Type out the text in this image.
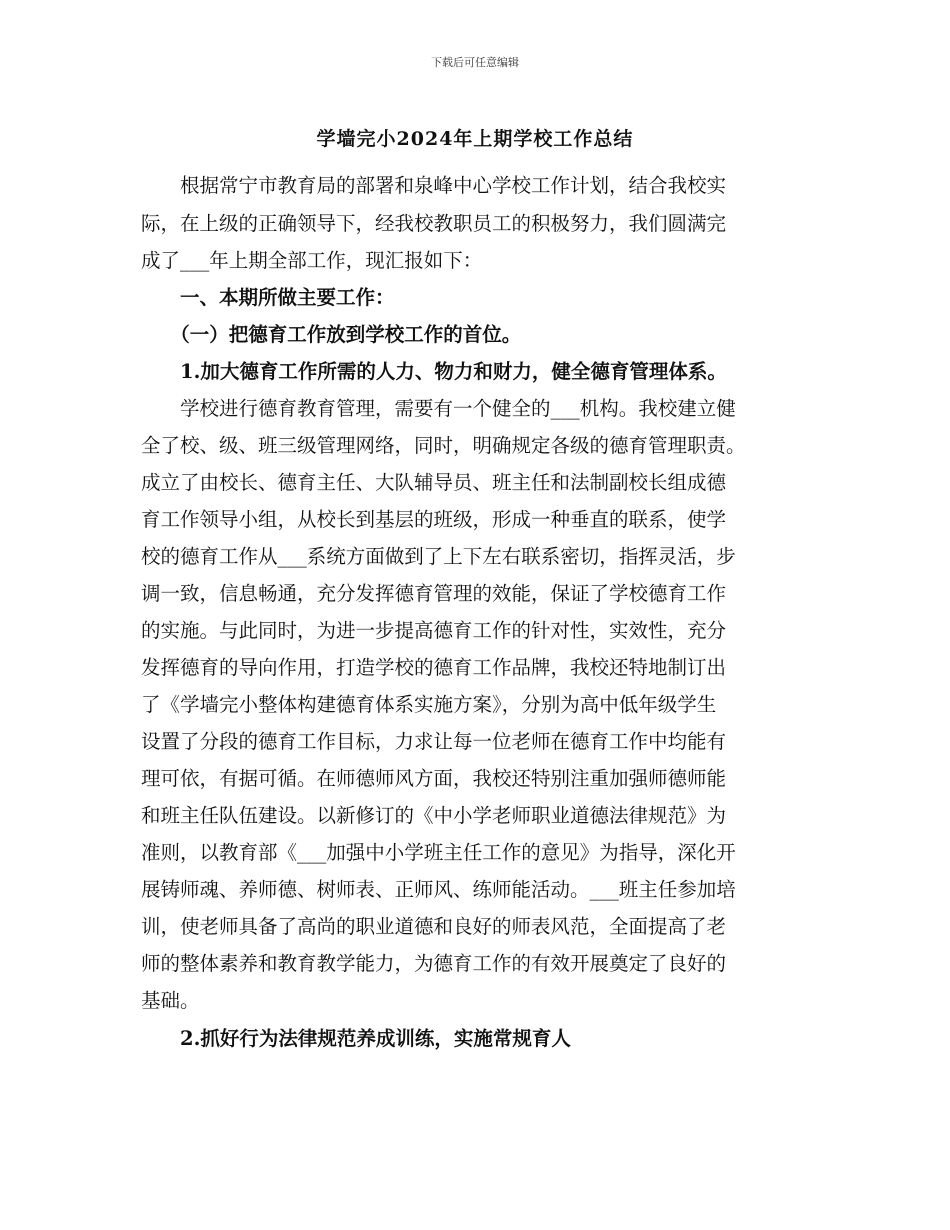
下载后可任意编辑
学墙完小2024年上期学校工作总结
　　根据常宁市教育局的部署和泉峰中心学校工作计划，结合我校实
际，在上级的正确领导下，经我校教职员工的积极努力，我们圆满完
成了___年上期全部工作，现汇报如下：
　　一、本期所做主要工作：
　　（一）把德育工作放到学校工作的首位。
　　1.加大德育工作所需的人力、物力和财力，健全德育管理体系。
　　学校进行德育教育管理，需要有一个健全的___机构。我校建立健
全了校、级、班三级管理网络，同时，明确规定各级的德育管理职责。
成立了由校长、德育主任、大队辅导员、班主任和法制副校长组成德
育工作领导小组，从校长到基层的班级，形成一种垂直的联系，使学
校的德育工作从___系统方面做到了上下左右联系密切，指挥灵活，步
调一致，信息畅通，充分发挥德育管理的效能，保证了学校德育工作
的实施。与此同时，为进一步提高德育工作的针对性，实效性，充分
发挥德育的导向作用，打造学校的德育工作品牌，我校还特地制订出
了《学墙完小整体构建德育体系实施方案》，分别为高中低年级学生
设置了分段的德育工作目标，力求让每一位老师在德育工作中均能有
理可依，有据可循。在师德师风方面，我校还特别注重加强师德师能
和班主任队伍建设。以新修订的《中小学老师职业道德法律规范》为
准则，以教育部《___加强中小学班主任工作的意见》为指导，深化开
展铸师魂、养师德、树师表、正师风、练师能活动。___班主任参加培
训，使老师具备了高尚的职业道德和良好的师表风范，全面提高了老
师的整体素养和教育教学能力，为德育工作的有效开展奠定了良好的
基础。
　　2.抓好行为法律规范养成训练，实施常规育人
